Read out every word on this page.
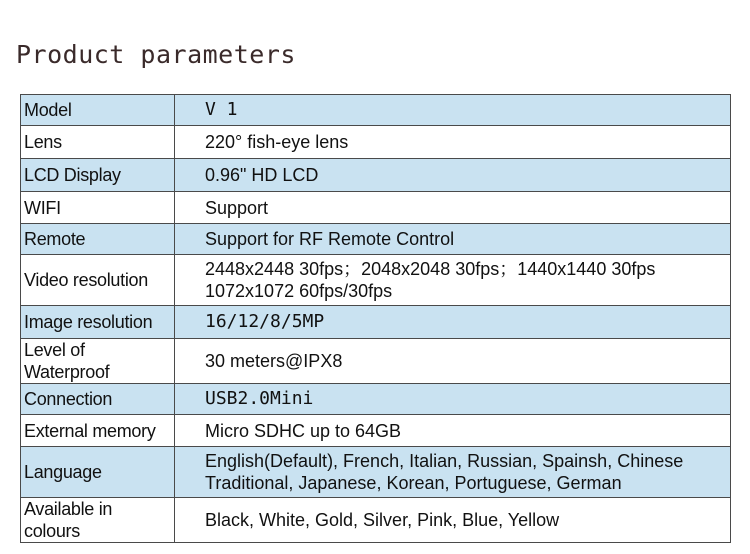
Product parameters
Model	V 1
Lens	220° fish-eye lens
LCD Display	0.96" HD LCD
WIFI	Support
Remote	Support for RF Remote Control
Video resolution	2448x2448 30fps；2048x2048 30fps；1440x1440 30fps
1072x1072 60fps/30fps

Image resolution	16/12/8/5MP
Level of Waterproof	30 meters@IPX8
Connection	USB2.0Mini
External memory	Micro SDHC up to 64GB
Language	English(Default), French, Italian, Russian, Spainsh, Chinese
Traditional, Japanese, Korean, Portuguese, German

Available in colours	Black, White, Gold, Silver, Pink, Blue, Yellow
